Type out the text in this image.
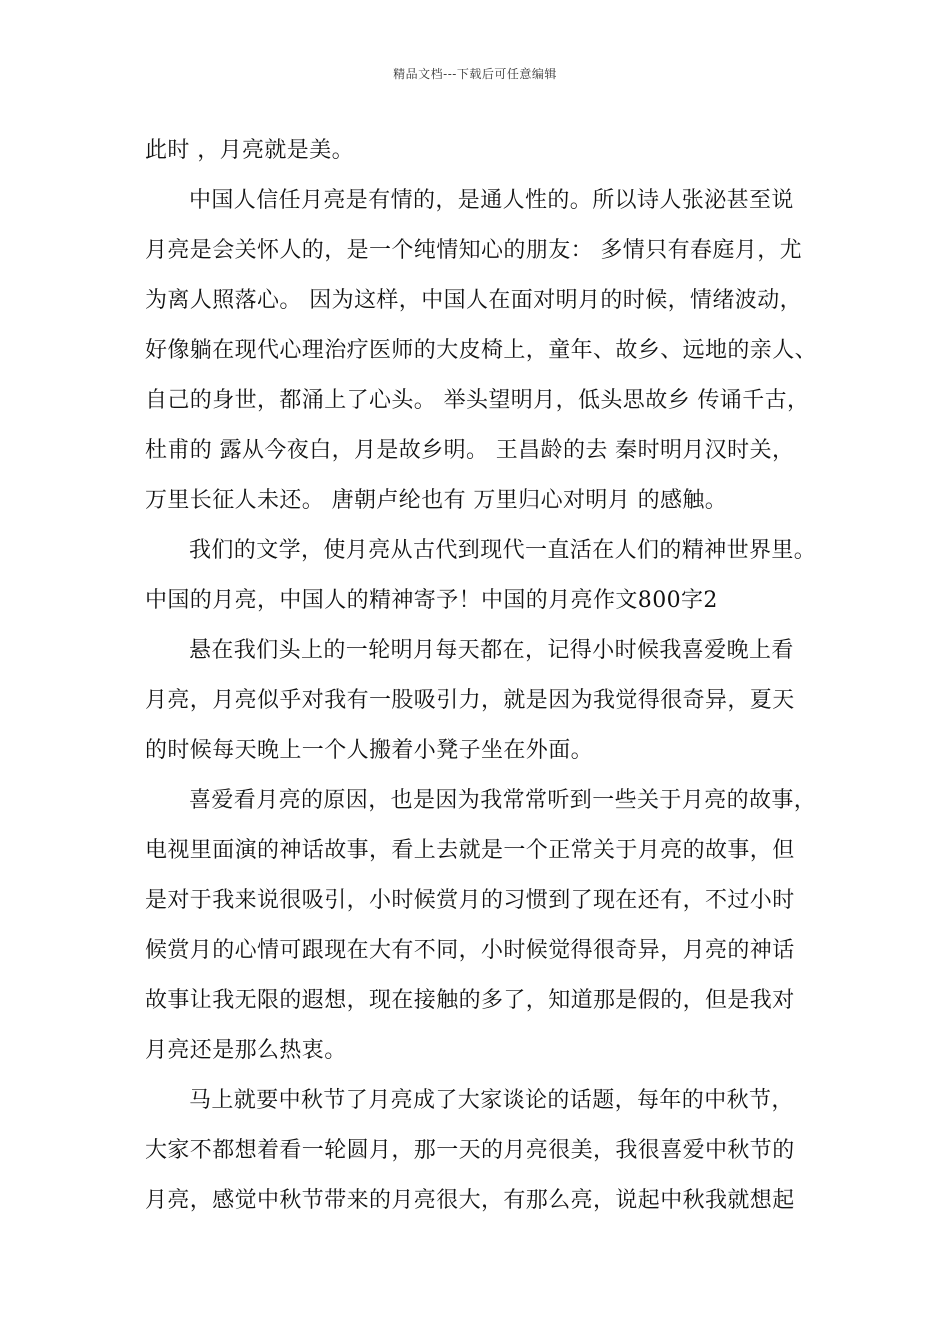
精品文档---下载后可任意编辑
此时 ，月亮就是美。
中国人信任月亮是有情的，是通人性的。所以诗人张泌甚至说
月亮是会关怀人的，是一个纯情知心的朋友： 多情只有春庭月，尤
为离人照落心。 因为这样，中国人在面对明月的时候，情绪波动，
好像躺在现代心理治疗医师的大皮椅上，童年、故乡、远地的亲人、
自己的身世，都涌上了心头。 举头望明月，低头思故乡 传诵千古，
杜甫的 露从今夜白，月是故乡明。 王昌龄的去 秦时明月汉时关，
万里长征人未还。 唐朝卢纶也有 万里归心对明月 的感触。
我们的文学，使月亮从古代到现代一直活在人们的精神世界里。
中国的月亮，中国人的精神寄予！中国的月亮作文800字2
悬在我们头上的一轮明月每天都在，记得小时候我喜爱晚上看
月亮，月亮似乎对我有一股吸引力，就是因为我觉得很奇异，夏天
的时候每天晚上一个人搬着小凳子坐在外面。
喜爱看月亮的原因，也是因为我常常听到一些关于月亮的故事，
电视里面演的神话故事，看上去就是一个正常关于月亮的故事，但
是对于我来说很吸引，小时候赏月的习惯到了现在还有，不过小时
候赏月的心情可跟现在大有不同，小时候觉得很奇异，月亮的神话
故事让我无限的遐想，现在接触的多了，知道那是假的，但是我对
月亮还是那么热衷。
马上就要中秋节了月亮成了大家谈论的话题，每年的中秋节，
大家不都想着看一轮圆月，那一天的月亮很美，我很喜爱中秋节的
月亮，感觉中秋节带来的月亮很大，有那么亮，说起中秋我就想起
